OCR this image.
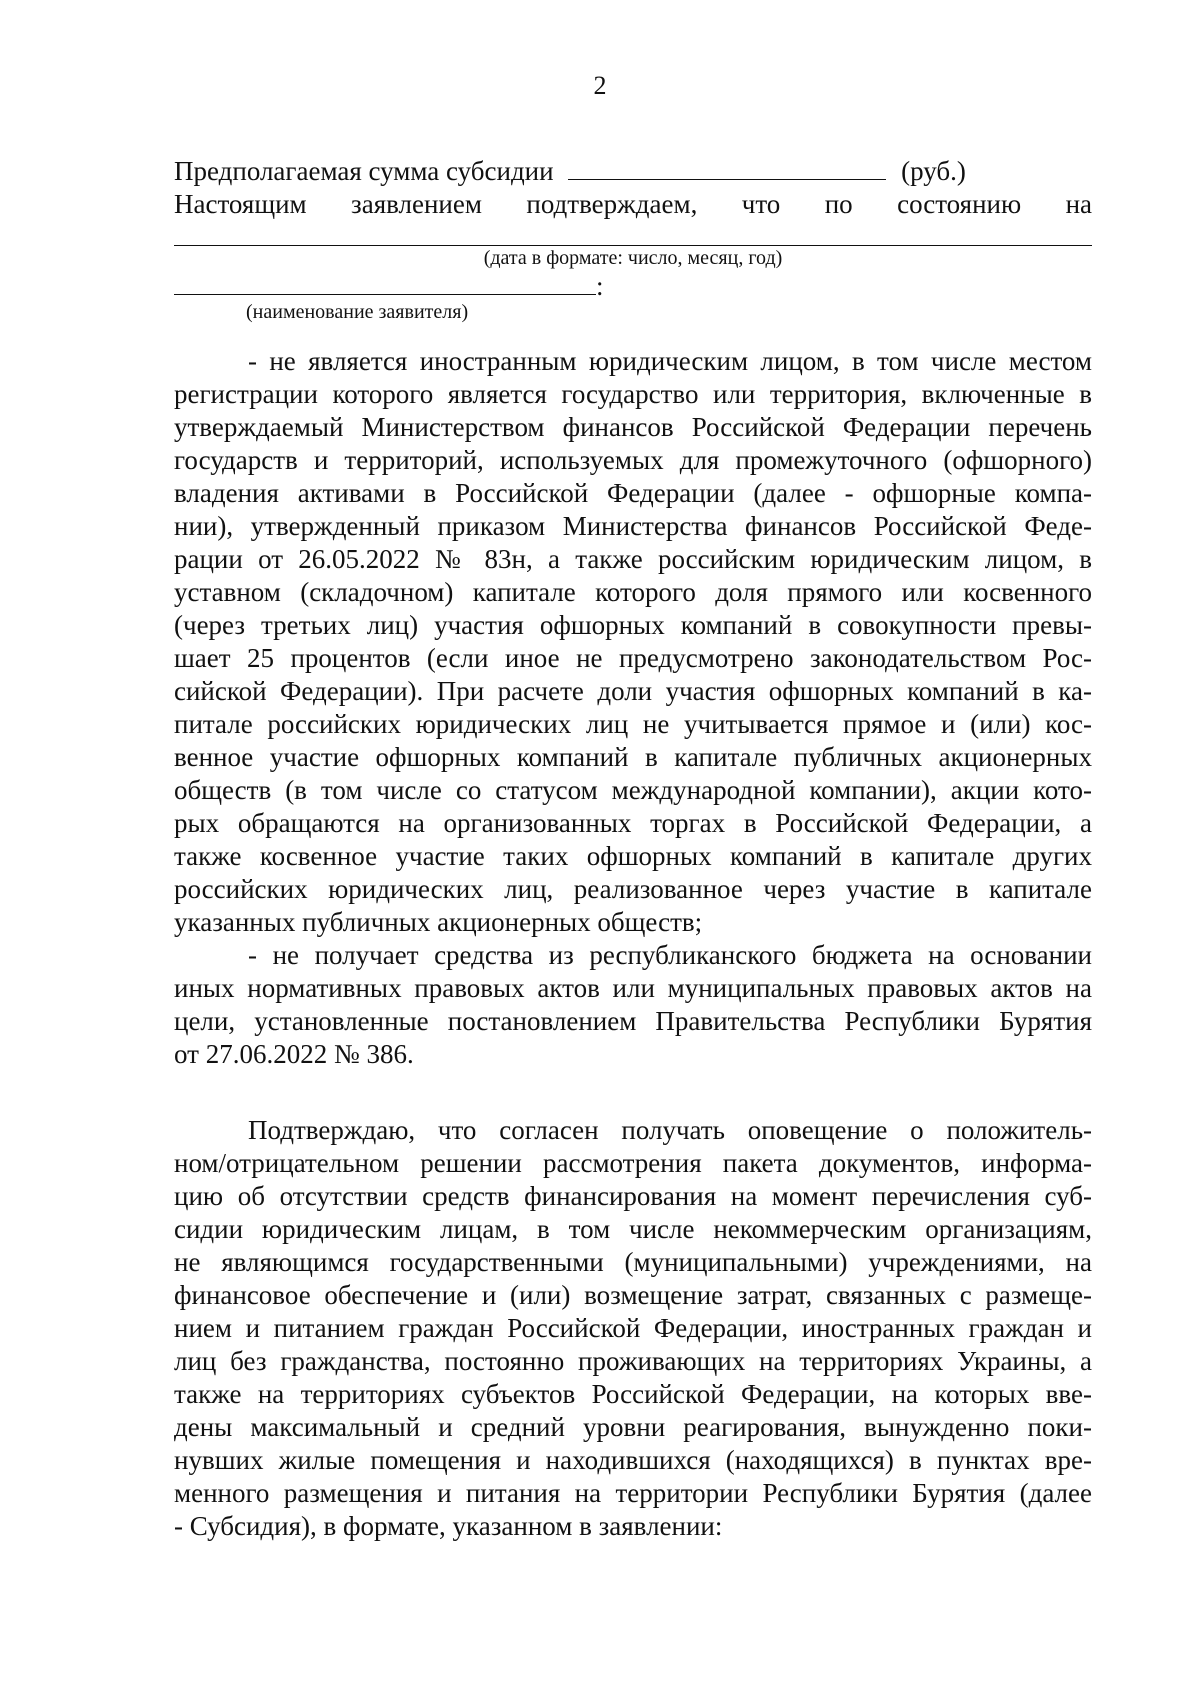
2
Предполагаемая сумма субсидии	(руб.)
Настоящим заявлением подтверждаем, что по состоянию на
(дата в формате: число, месяц, год)
:
(наименование заявителя)
- не является иностранным юридическим лицом, в том числе местом
регистрации которого является государство или территория, включенные в
утверждаемый Министерством финансов Российской Федерации перечень
государств и территорий, используемых для промежуточного (офшорного)
владения активами в Российской Федерации (далее - офшорные компа-
нии), утвержденный приказом Министерства финансов Российской Феде-
рации от 26.05.2022 № 83н, а также российским юридическим лицом, в
уставном (складочном) капитале которого доля прямого или косвенного
(через третьих лиц) участия офшорных компаний в совокупности превы-
шает 25 процентов (если иное не предусмотрено законодательством Рос-
сийской Федерации). При расчете доли участия офшорных компаний в ка-
питале российских юридических лиц не учитывается прямое и (или) кос-
венное участие офшорных компаний в капитале публичных акционерных
обществ (в том числе со статусом международной компании), акции кото-
рых обращаются на организованных торгах в Российской Федерации, а
также косвенное участие таких офшорных компаний в капитале других
российских юридических лиц, реализованное через участие в капитале
указанных публичных акционерных обществ;
- не получает средства из республиканского бюджета на основании
иных нормативных правовых актов или муниципальных правовых актов на
цели, установленные постановлением Правительства Республики Бурятия
от 27.06.2022 № 386.
Подтверждаю, что согласен получать оповещение о положитель-
ном/отрицательном решении рассмотрения пакета документов, информа-
цию об отсутствии средств финансирования на момент перечисления суб-
сидии юридическим лицам, в том числе некоммерческим организациям,
не являющимся государственными (муниципальными) учреждениями, на
финансовое обеспечение и (или) возмещение затрат, связанных с размеще-
нием и питанием граждан Российской Федерации, иностранных граждан и
лиц без гражданства, постоянно проживающих на территориях Украины, а
также на территориях субъектов Российской Федерации, на которых вве-
дены максимальный и средний уровни реагирования, вынужденно поки-
нувших жилые помещения и находившихся (находящихся) в пунктах вре-
менного размещения и питания на территории Республики Бурятия (далее
- Субсидия), в формате, указанном в заявлении:
